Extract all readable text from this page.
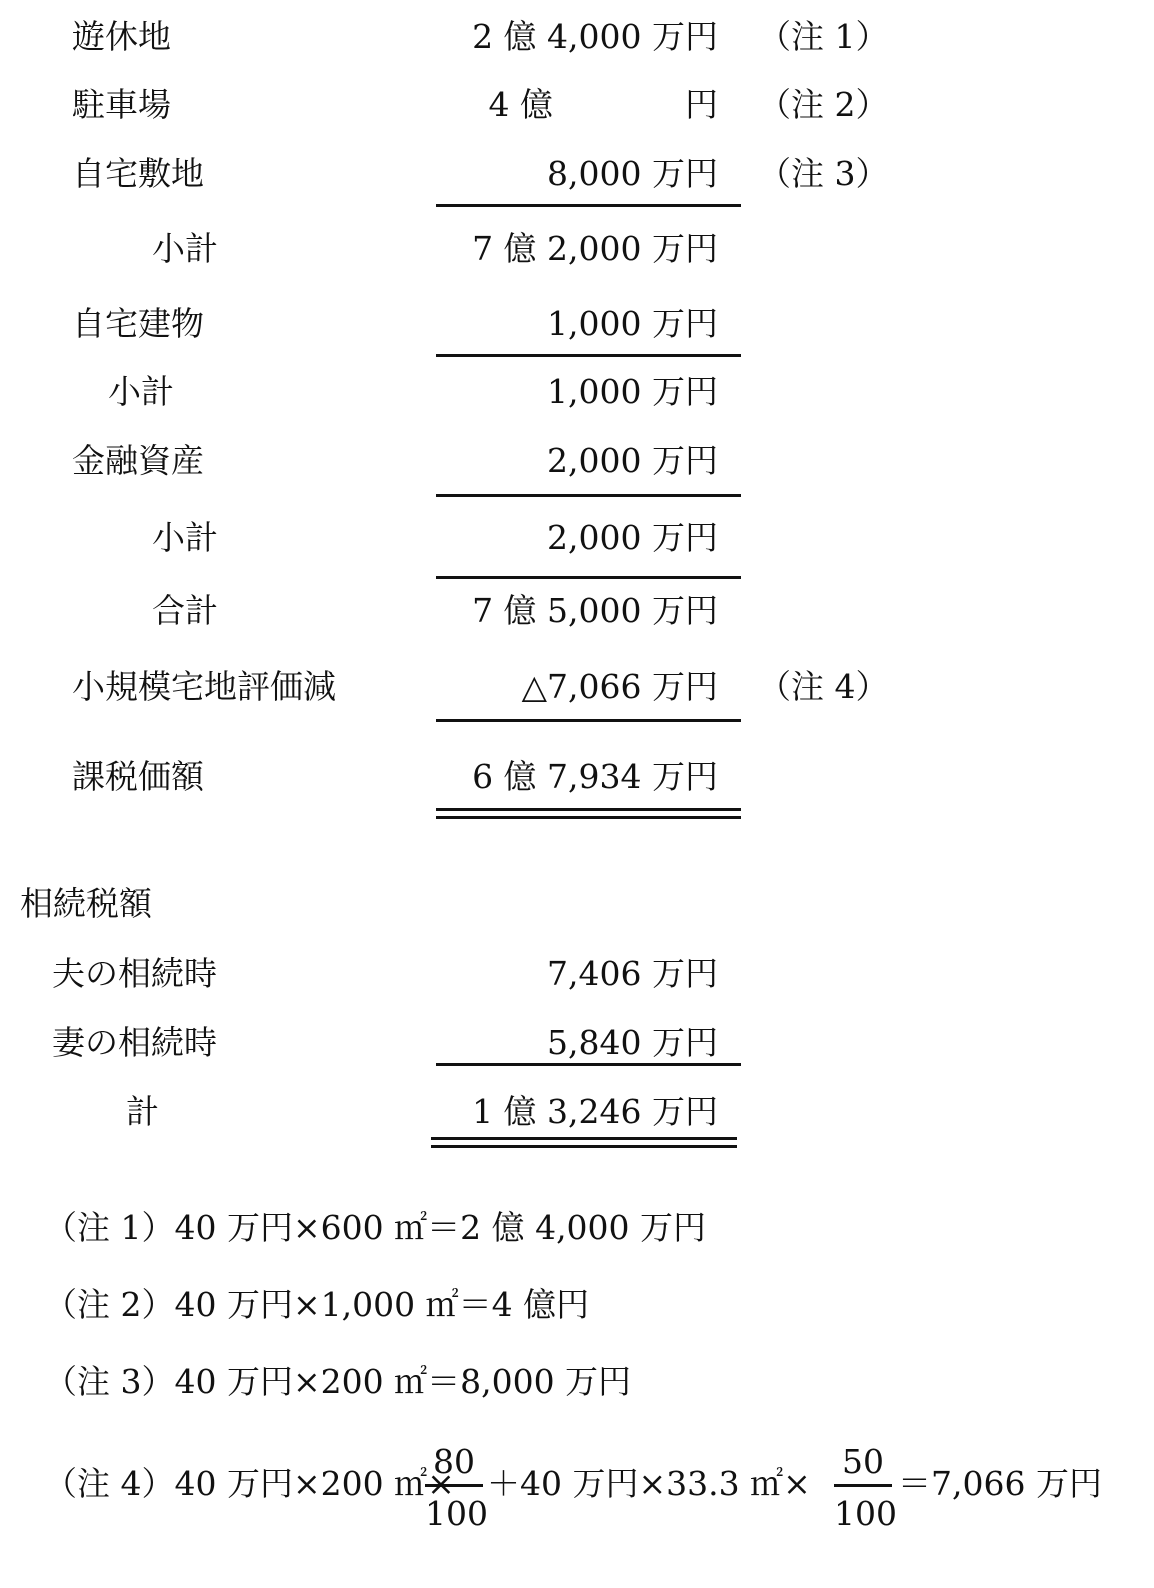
遊休地	2 億 4,000 万円 （注 1）
駐車場	4 億　　　　円 （注 2）
自宅敷地	8,000 万円 （注 3）
小計	7 億 2,000 万円
自宅建物	1,000 万円
小計	1,000 万円
金融資産	2,000 万円
小計	2,000 万円
合計	7 億 5,000 万円
小規模宅地評価減	△7,066 万円 （注 4）
課税価額	6 億 7,934 万円
相続税額
夫の相続時	7,406 万円
妻の相続時	5,840 万円
計	1 億 3,246 万円
（注 1）40 万円×600 ㎡＝2 億 4,000 万円
（注 2）40 万円×1,000 ㎡＝4 億円
（注 3）40 万円×200 ㎡＝8,000 万円
（注 4）40 万円×200 ㎡×
80
100
＋40 万円×33.3 ㎡×
50
100
＝7,066 万円
